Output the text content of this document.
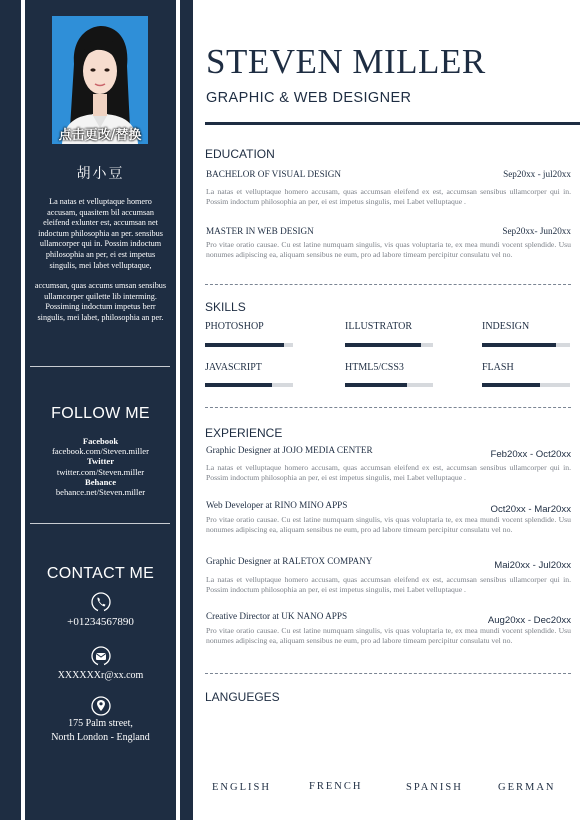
点击更改/替换
胡小豆

La natas et velluptaque homero accusam, quasitem bil accumsan eleifend exlunter est, accumsan net indoctum philosophia an per. sensibus ullamcorper qui in. Possim indoctum philosophia an per, ei est impetus singulis, mei labet velluptaque,

accumsan, quas accums umsan sensibus ullamcorper quilette lib interming. Possiming indoctum impetus berr singulis, mei labet, philosophia an per.

FOLLOW ME
Facebook
facebook.com/Steven.miller
Twitter
twitter.com/Steven.miller
Behance
behance.net/Steven.miller
CONTACT ME
+01234567890
XXXXXXr@xx.com
175 Palm street,
North London - England
STEVEN MILLER
GRAPHIC & WEB DESIGNER
EDUCATION
BACHELOR OF VISUAL DESIGN	Sep20xx - jul20xx
La natas et velluptaque homero accusam, quas accumsan eleifend ex est, accumsan sensibus ullamcorper qui in. Possim indoctum philosophia an per, ei est impetus singulis, mei Labet velluptaque .
MASTER IN WEB DESIGN	Sep20xx- Jun20xx
Pro vitae oratio causae. Cu est latine numquam singulis, vis quas voluptaria te, ex mea mundi vocent splendide. Usu nonumes adipiscing ea, aliquam sensibus ne eum, pro ad labore timeam percipitur consulatu vel no.
SKILLS
PHOTOSHOP	ILLUSTRATOR	INDESIGN
JAVASCRIPT	HTML5/CSS3	FLASH
EXPERIENCE
Graphic Designer at JOJO MEDIA CENTER	Feb20xx - Oct20xx
La natas et velluptaque homero accusam, quas accumsan eleifend ex est, accumsan sensibus ullamcorper qui in. Possim indoctum philosophia an per, ei est impetus singulis, mei Labet velluptaque .
Web Developer at RINO MINO APPS	Oct20xx - Mar20xx
Pro vitae oratio causae. Cu est latine numquam singulis, vis quas voluptaria te, ex mea mundi vocent splendide. Usu nonumes adipiscing ea, aliquam sensibus ne eum, pro ad labore timeam percipitur consulatu vel no.
Graphic Designer at RALETOX COMPANY	Mai20xx - Jul20xx
La natas et velluptaque homero accusam, quas accumsan eleifend ex est, accumsan sensibus ullamcorper qui in. Possim indoctum philosophia an per, ei est impetus singulis, mei Labet velluptaque .
Creative Director at UK NANO APPS	Aug20xx - Dec20xx
Pro vitae oratio causae. Cu est latine numquam singulis, vis quas voluptaria te, ex mea mundi vocent splendide. Usu nonumes adipiscing ea, aliquam sensibus ne eum, pro ad labore timeam percipitur consulatu vel no.
LANGUEGES
ENGLISH	FRENCH	SPANISH	GERMAN
